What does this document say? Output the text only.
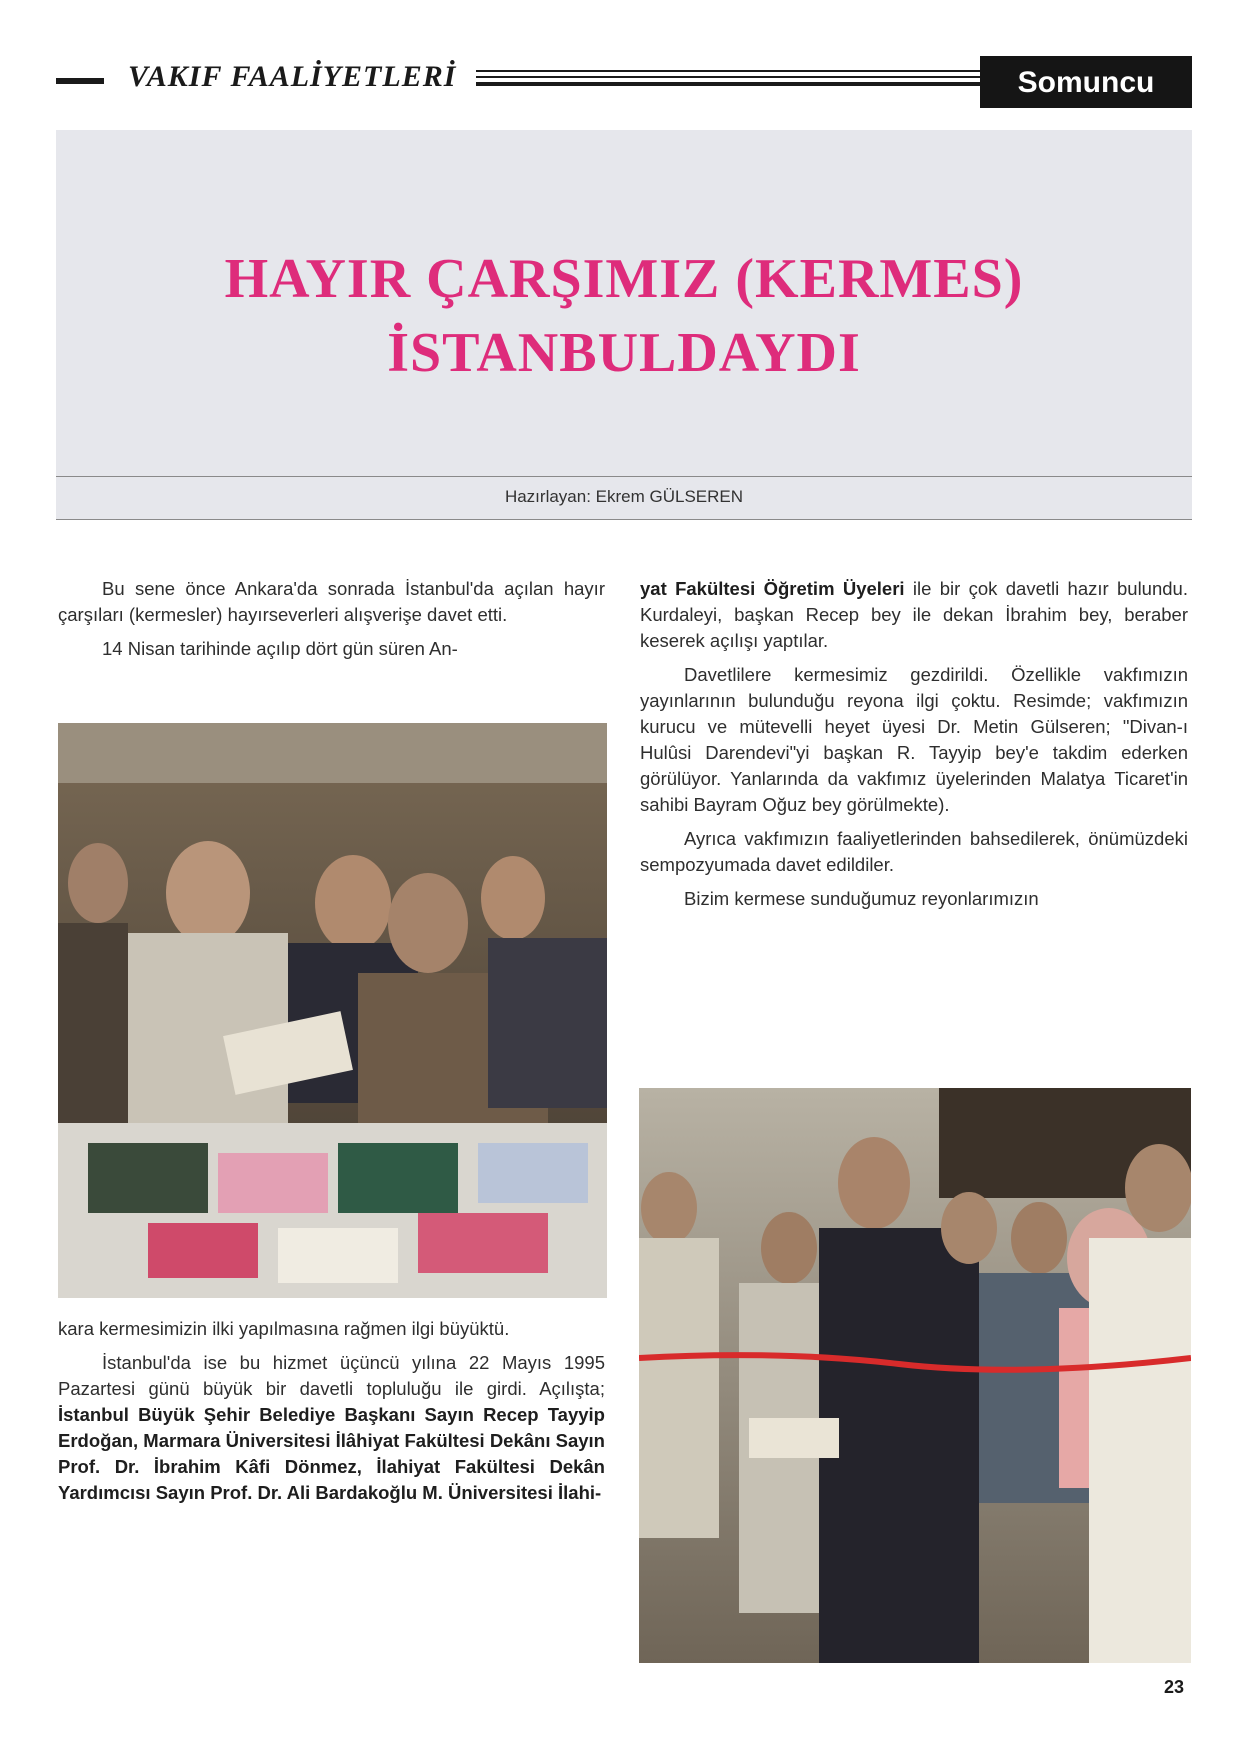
VAKIF FAALİYETLERİ	Somuncu
HAYIR ÇARŞIMIZ (KERMES)
İSTANBULDAYDI
Hazırlayan: Ekrem GÜLSEREN

Bu sene önce Ankara'da sonrada İstanbul'da açılan hayır çarşıları (kermesler) hayırseverleri alışverişe davet etti.

14 Nisan tarihinde açılıp dört gün süren An-

kara kermesimizin ilki yapılmasına rağmen ilgi büyüktü.

İstanbul'da ise bu hizmet üçüncü yılına 22 Mayıs 1995 Pazartesi günü büyük bir davetli topluluğu ile girdi. Açılışta; İstanbul Büyük Şehir Belediye Başkanı Sayın Recep Tayyip Erdoğan, Marmara Üniversitesi İlâhiyat Fakültesi Dekânı Sayın Prof. Dr. İbrahim Kâfi Dönmez, İlahiyat Fakültesi Dekân Yardımcısı Sayın Prof. Dr. Ali Bardakoğlu M. Üniversitesi İlahi-

yat Fakültesi Öğretim Üyeleri ile bir çok davetli hazır bulundu. Kurdaleyi, başkan Recep bey ile dekan İbrahim bey, beraber keserek açılışı yaptılar.

Davetlilere kermesimiz gezdirildi. Özellikle vakfımızın yayınlarının bulunduğu reyona ilgi çoktu. Resimde; vakfımızın kurucu ve mütevelli heyet üyesi Dr. Metin Gülseren; "Divan-ı Hulûsi Darendevi"yi başkan R. Tayyip bey'e takdim ederken görülüyor. Yanlarında da vakfımız üyelerinden Malatya Ticaret'in sahibi Bayram Oğuz bey görülmekte).

Ayrıca vakfımızın faaliyetlerinden bahsedilerek, önümüzdeki sempozyumada davet edildiler.

Bizim kermese sunduğumuz reyonlarımızın

23
